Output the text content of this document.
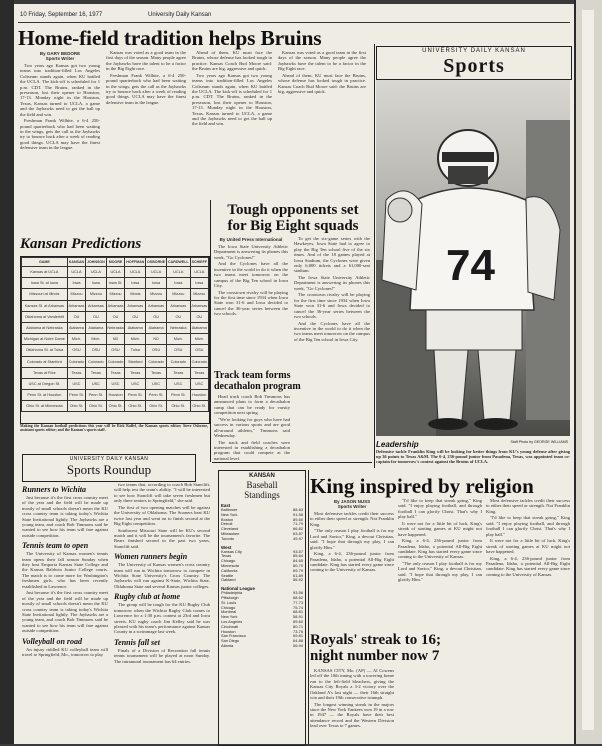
10 Friday, September 16, 1977	University Daily Kansan
Home-field tradition helps Bruins
By GARY BEDORE
Sports Writer

Two years ago Kansas got two young teams into tradition-filled Los Angeles Coliseum stands again, when KU battled the UCLA. The kick-off is scheduled for 1 p.m. CDT. The Bruins, ranked in the preseason, lost their opener to Houston, 17-13. Monday night in the Houston, Texas, Kansas turned to UCLA, a game and the Jayhawks need to get the ball up the field and win.

Freshman Frank Wilhite, a 6-4 250-pound quarterback who had been waiting in the wings, gets the call as the Jayhawks try to bounce back after a week of reading good things. UCLA may have the finest defensive team in the league.

Kansas was voted as a good team in the first days of the season. Many people agree the Jayhawks have the talent to be a factor in the Big Eight race.

Freshman Frank Wilhite, a 6-4 250-pound quarterback who had been waiting in the wings, gets the call as the Jayhawks try to bounce back after a week of reading good things. UCLA may have the finest defensive team in the league.

Ahead of them, KU must face the Bruins, whose defense has looked tough in practice. Kansas Coach Bud Moore said: the Bruins are big, aggressive and quick.

Two years ago Kansas got two young teams into tradition-filled Los Angeles Coliseum stands again, when KU battled the UCLA. The kick-off is scheduled for 1 p.m. CDT. The Bruins, ranked in the preseason, lost their opener to Houston, 17-13. Monday night in the Houston, Texas, Kansas turned to UCLA, a game and the Jayhawks need to get the ball up the field and win.

Kansas was voted as a good team in the first days of the season. Many people agree the Jayhawks have the talent to be a factor in the Big Eight race.

Ahead of them, KU must face the Bruins, whose defense has looked tough in practice. Kansas Coach Bud Moore said: the Bruins are big, aggressive and quick.

Kansan Predictions
GAME	KANSAN	JOHNSON	MOORE	HOFFMAN	OSBORNE	CARDWELL	SCHIEFF
Kansas at UCLA	UCLA	UCLA	UCLA	UCLA	UCLA	UCLA	UCLA
Iowa St. at Iowa	Iowa	Iowa	Iowa St.	Iowa	Iowa	Iowa	Iowa
Missouri at Illinois	Mizzou	Mizzou	Mizzou	Illinois	Mizzou	Mizzou	Mizzou
Kansas St. at Arkansas	Arkansas	Arkansas	Arkansas	Arkansas	Arkansas	Arkansas	Arkansas
Oklahoma at Vanderbilt	OU	OU	OU	OU	OU	OU	OU
Alabama at Nebraska	Alabama	Alabama	Nebraska	Alabama	Alabama	Nebraska	Alabama
Michigan at Notre Dame	Mich.	Mich.	ND	Mich.	ND	Mich.	Mich.
Oklahoma St. at Tulsa	OSU	OSU	OSU	Tulsa	OSU	OSU	OSU
Colorado at Stanford	Colorado	Colorado	Colorado	Stanford	Colorado	Colorado	Colorado
Texas at Rice	Texas	Texas	Texas	Texas	Texas	Texas	Texas
USC at Oregon St.	USC	USC	USC	USC	USC	USC	USC
Penn St. at Houston	Penn St.	Penn St.	Houston	Penn St.	Penn St.	Penn St.	Houston
Ohio St. at Minnesota	Ohio St.	Ohio St.	Ohio St.	Ohio St.	Ohio St.	Ohio St.	Ohio St.
Making the Kansan football predictions this year will be Rick Raffel, the Kansan sports editor; Steve Osborne, assistant sports editor; and the Kansan's sports staff.
Tough opponents set
for Big Eight squads
By United Press International

The Iowa State University Athletic Department is answering its phones this week, "Go Cyclones!"

And the Cyclones have all the incentive in the world to do it when the two teams meet tomorrow on the campus of the Big Ten school in Iowa City.

The crosstown rivalry will be playing for the first time since 1934 when Iowa State won 31-6 and Iowa decided to cancel the 36-year series between the two schools.

To get the six-game series with the Hawkeyes, Iowa State had to agree to play the Big Ten school five of the six times. And of the 18 games played at Iowa Stadium, the Cyclones were given only 6,000 tickets and a 61,000-seat stadium.

The Iowa State University Athletic Department is answering its phones this week, "Go Cyclones!"

The crosstown rivalry will be playing for the first time since 1934 when Iowa State won 31-6 and Iowa decided to cancel the 36-year series between the two schools.

And the Cyclones have all the incentive in the world to do it when the two teams meet tomorrow on the campus of the Big Ten school in Iowa City.

Track team forms
decathalon program

Head track coach Bob Timmons has announced plans to form a decathalon camp that can be ready for varsity competition next spring.

"We're looking for guys who have had success in various sports and are good all-around athletes," Timmons said Wednesday.

The track and field coaches were interested in establishing a decathalon program that could compete at the national level.

UNIVERSITY DAILY KANSAN
Sports
74
Leadership
Defensive tackle Franklin King will be looking for better things from KU's young defense after giving up 36 points to Texas A&M. The 6-4, 236-pound junior from Pasadena, Texas, was appointed team co-captain for tomorrow's contest against the Bruins of UCLA.
Staff Photo by GEORGE WILLIAMS
UNIVERSITY DAILY KANSAN
Sports Roundup
Runners to Wichita

Just because it's the first cross country meet of the year and the field will be made up mostly of small schools doesn't mean the KU cross country team is taking today's Wichita State Invitational lightly. The Jayhawks are a young team, and coach Bob Timmons said he wanted to see how his team will fare against outside competition.

Tennis team to open

The University of Kansas women's tennis team opens their fall season Sunday when they host Emporia Kansas State College and the Kansas Baldwin Junior College courts. The match is to come more for Washington's freshmen girls, who has been recently established in Lawrence.

Just because it's the first cross country meet of the year and the field will be made up mostly of small schools doesn't mean the KU cross country team is taking today's Wichita State Invitational lightly. The Jayhawks are a young team, and coach Bob Timmons said he wanted to see how his team will fare against outside competition.

Volleyball on road

An injury riddled KU volleyball team will travel to Springfield, Mo., tomorrow to play

two teams that, according to coach Bob Stanclift, will help test the team's ability. "I will be interested to see how Stanclift will take seven freshmen but only three seniors to Springfield," she said.

The first of two opening matches will be against the University of Oklahoma. The Sooners beat KU twice last year and went on to finish second at the Big Eight competition.

Southwest Missouri State will be KU's second match and it will be the tournament's favorite. The Bears finished second in the past two years, Stanclift said.

Women runners begin

The University of Kansas women's cross country team will run in Wichita tomorrow to compete in Wichita State University's Cross Country. The Jayhawks will run against K-State, Wichita State, Oklahoma State and several Kansas junior colleges.

Rugby club at home

The group will be tough for the KU Rugby Club tomorrow when the Wichita Rugby Club comes to Lawrence for a 1:30 p.m. contest at 23rd and Iowa streets. KU rugby coach Jim Kelley said he was pleased with his team's performance against Kansas County in a scrimmage last week.

Tennis fall set

Finals of a Division of Recreation fall tennis tennis tournament will be played at noon Sunday. The intramural tournament has 64 entries.

KANSAN
Baseball
Standings
East
Baltimore	88-63
New York	91-58
Boston	89-60
Detroit	71-79
Cleveland	66-82
Milwaukee	63-87
Toronto	49-97
West
Kansas City	93-57
Texas	85-64
Chicago	84-65
Minnesota	80-70
California	69-79
Seattle	61-89
Oakland	56-92
National League
Philadelphia	93-56
Pittsburgh	88-62
St. Louis	77-73
Chicago	75-74
Montreal	68-81
New York	58-91
Los Angeles	89-60
Cincinnati	80-71
Houston	73-76
San Francisco	69-81
San Diego	64-88
Atlanta	56-94
King inspired by religion
By JASON NUSS
Sports Writer

Most defensive tackles credit their success to either their speed or strength. Not Franklin King.

"The only reason I play football is for my Lord and Savior," King, a devout Christian, said. "I hope that through my play, I can glorify Him."

King, a 6-4, 236-pound junior from Pasadena, Idaho, a potential All-Big Eight candidate. King has started every game since coming to the University of Kansas.

"I'd like to keep that streak going," King said. "I enjoy playing football, and through football I can glorify Christ. That's why I play ball."

It were not for a little bit of luck, King's streak of starting games at KU might not have happened.

King, a 6-4, 236-pound junior from Pasadena, Idaho, a potential All-Big Eight candidate. King has started every game since coming to the University of Kansas.

"The only reason I play football is for my Lord and Savior," King, a devout Christian, said. "I hope that through my play, I can glorify Him."

Most defensive tackles credit their success to either their speed or strength. Not Franklin King.

"I'd like to keep that streak going," King said. "I enjoy playing football, and through football I can glorify Christ. That's why I play ball."

It were not for a little bit of luck, King's streak of starting games at KU might not have happened.

King, a 6-4, 236-pound junior from Pasadena, Idaho, a potential All-Big Eight candidate. King has started every game since coming to the University of Kansas.

Royals' streak to 16;
night number now 7

KANSAS CITY, Mo. (AP) — Al Cowens led off the 10th inning with a towering home run to the left-field bleachers, giving the Kansas City Royals a 3-2 victory over the Oakland A's last night — their 16th straight win and their 19th consecutive triumph.

The longest winning streak in the majors since the New York Yankees won 19 in a row in 1947 — the Royals have their best attendance record and the Western Division lead over Texas to 7 games.
